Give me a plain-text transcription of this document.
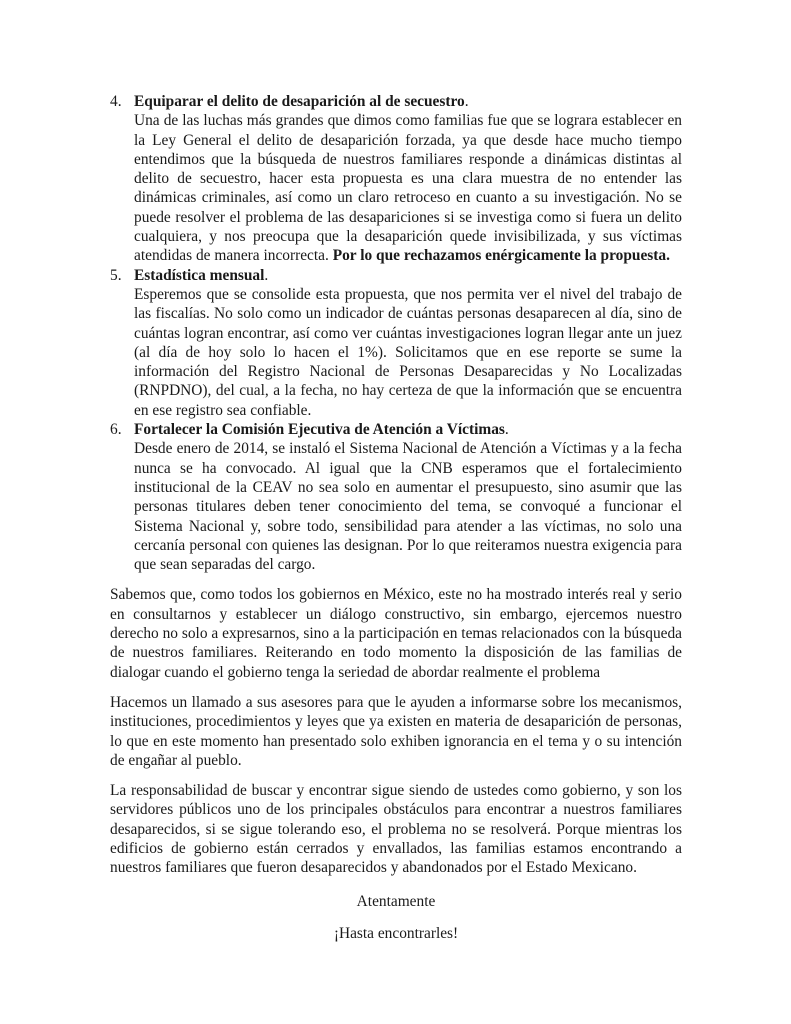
4. Equiparar el delito de desaparición al de secuestro.

Una de las luchas más grandes que dimos como familias fue que se lograra establecer en la Ley General el delito de desaparición forzada, ya que desde hace mucho tiempo entendimos que la búsqueda de nuestros familiares responde a dinámicas distintas al delito de secuestro, hacer esta propuesta es una clara muestra de no entender las dinámicas criminales, así como un claro retroceso en cuanto a su investigación. No se puede resolver el problema de las desapariciones si se investiga como si fuera un delito cualquiera, y nos preocupa que la desaparición quede invisibilizada, y sus víctimas atendidas de manera incorrecta. Por lo que rechazamos enérgicamente la propuesta.

5. Estadística mensual.

Esperemos que se consolide esta propuesta, que nos permita ver el nivel del trabajo de las fiscalías. No solo como un indicador de cuántas personas desaparecen al día, sino de cuántas logran encontrar, así como ver cuántas investigaciones logran llegar ante un juez (al día de hoy solo lo hacen el 1%). Solicitamos que en ese reporte se sume la información del Registro Nacional de Personas Desaparecidas y No Localizadas (RNPDNO), del cual, a la fecha, no hay certeza de que la información que se encuentra en ese registro sea confiable.

6. Fortalecer la Comisión Ejecutiva de Atención a Víctimas.

Desde enero de 2014, se instaló el Sistema Nacional de Atención a Víctimas y a la fecha nunca se ha convocado. Al igual que la CNB esperamos que el fortalecimiento institucional de la CEAV no sea solo en aumentar el presupuesto, sino asumir que las personas titulares deben tener conocimiento del tema, se convoqué a funcionar el Sistema Nacional y, sobre todo, sensibilidad para atender a las víctimas, no solo una cercanía personal con quienes las designan. Por lo que reiteramos nuestra exigencia para que sean separadas del cargo.

Sabemos que, como todos los gobiernos en México, este no ha mostrado interés real y serio en consultarnos y establecer un diálogo constructivo, sin embargo, ejercemos nuestro derecho no solo a expresarnos, sino a la participación en temas relacionados con la búsqueda de nuestros familiares. Reiterando en todo momento la disposición de las familias de dialogar cuando el gobierno tenga la seriedad de abordar realmente el problema

Hacemos un llamado a sus asesores para que le ayuden a informarse sobre los mecanismos, instituciones, procedimientos y leyes que ya existen en materia de desaparición de personas, lo que en este momento han presentado solo exhiben ignorancia en el tema y o su intención de engañar al pueblo.

La responsabilidad de buscar y encontrar sigue siendo de ustedes como gobierno, y son los servidores públicos uno de los principales obstáculos para encontrar a nuestros familiares desaparecidos, si se sigue tolerando eso, el problema no se resolverá. Porque mientras los edificios de gobierno están cerrados y envallados, las familias estamos encontrando a nuestros familiares que fueron desaparecidos y abandonados por el Estado Mexicano.

Atentamente

¡Hasta encontrarles!
